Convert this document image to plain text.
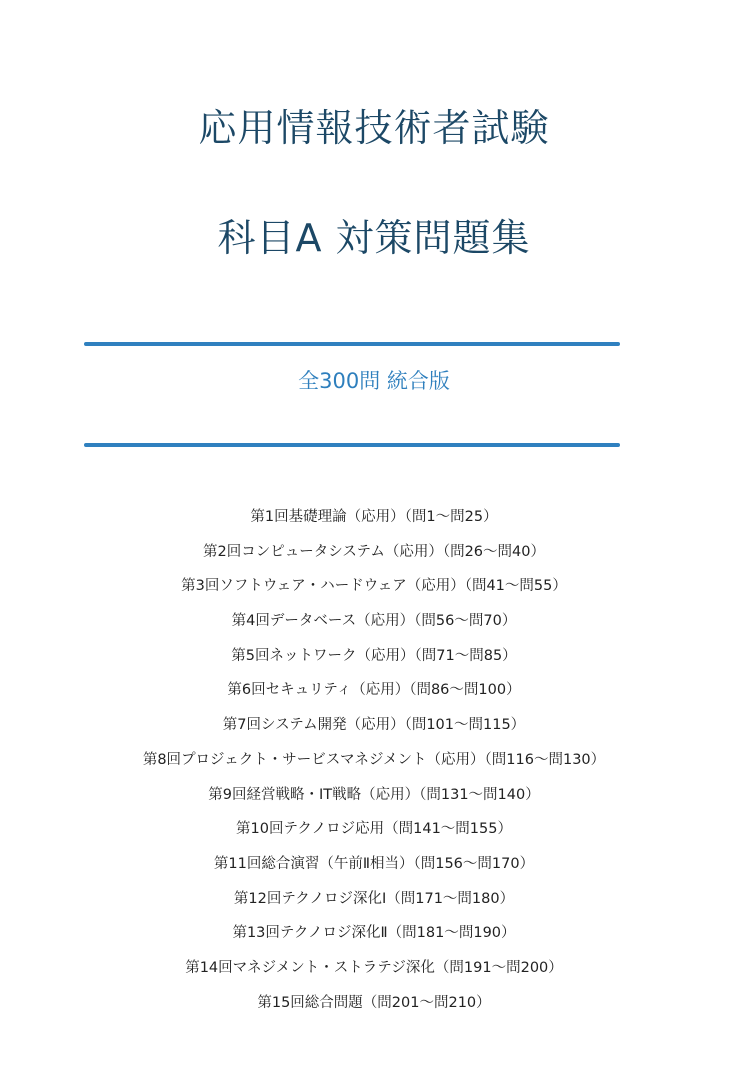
応用情報技術者試験
科目A 対策問題集
全300問 統合版
第1回基礎理論（応用）（問1〜問25）
第2回コンピュータシステム（応用）（問26〜問40）
第3回ソフトウェア・ハードウェア（応用）（問41〜問55）
第4回データベース（応用）（問56〜問70）
第5回ネットワーク（応用）（問71〜問85）
第6回セキュリティ（応用）（問86〜問100）
第7回システム開発（応用）（問101〜問115）
第8回プロジェクト・サービスマネジメント（応用）（問116〜問130）
第9回経営戦略・IT戦略（応用）（問131〜問140）
第10回テクノロジ応用（問141〜問155）
第11回総合演習（午前Ⅱ相当）（問156〜問170）
第12回テクノロジ深化Ⅰ（問171〜問180）
第13回テクノロジ深化Ⅱ（問181〜問190）
第14回マネジメント・ストラテジ深化（問191〜問200）
第15回総合問題（問201〜問210）
